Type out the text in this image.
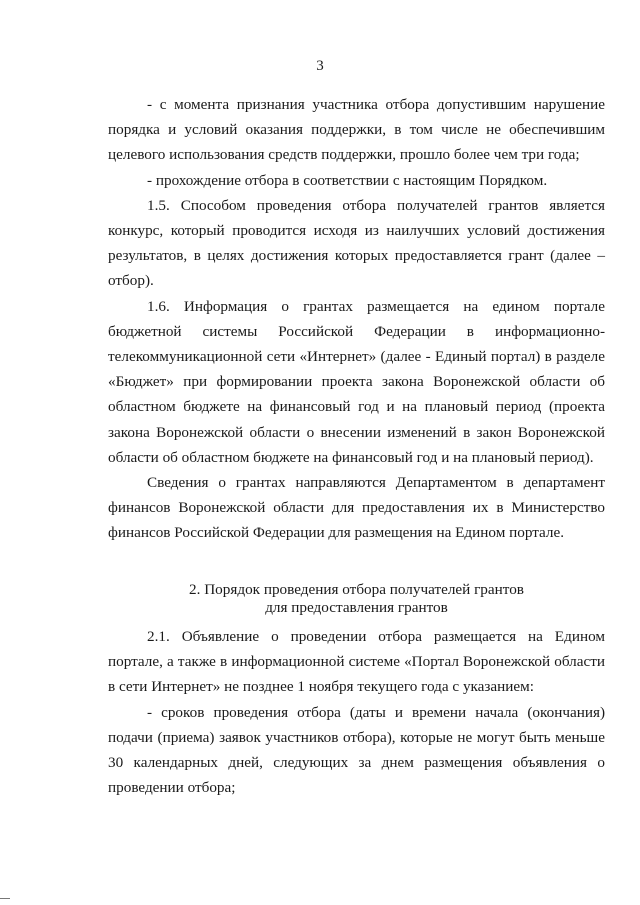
3

- с момента признания участника отбора допустившим нарушение порядка и условий оказания поддержки, в том числе не обеспечившим целевого использования средств поддержки, прошло более чем три года;

- прохождение отбора в соответствии с настоящим Порядком.

1.5. Способом проведения отбора получателей грантов является конкурс, который проводится исходя из наилучших условий достижения результатов, в целях достижения которых предоставляется грант (далее – отбор).

1.6. Информация о грантах размещается на едином портале бюджетной системы Российской Федерации в информационно-телекоммуникационной сети «Интернет» (далее - Единый портал) в разделе «Бюджет» при формировании проекта закона Воронежской области об областном бюджете на финансовый год и на плановый период (проекта закона Воронежской области о внесении изменений в закон Воронежской области об областном бюджете на финансовый год и на плановый период).

Сведения о грантах направляются Департаментом в департамент финансов Воронежской области для предоставления их в Министерство финансов Российской Федерации для размещения на Едином портале.

2. Порядок проведения отбора получателей грантов
для предоставления грантов

2.1. Объявление о проведении отбора размещается на Едином портале, а также в информационной системе «Портал Воронежской области в сети Интернет» не позднее 1 ноября текущего года с указанием:

- сроков проведения отбора (даты и времени начала (окончания) подачи (приема) заявок участников отбора), которые не могут быть меньше 30 календарных дней, следующих за днем размещения объявления о проведении отбора;
